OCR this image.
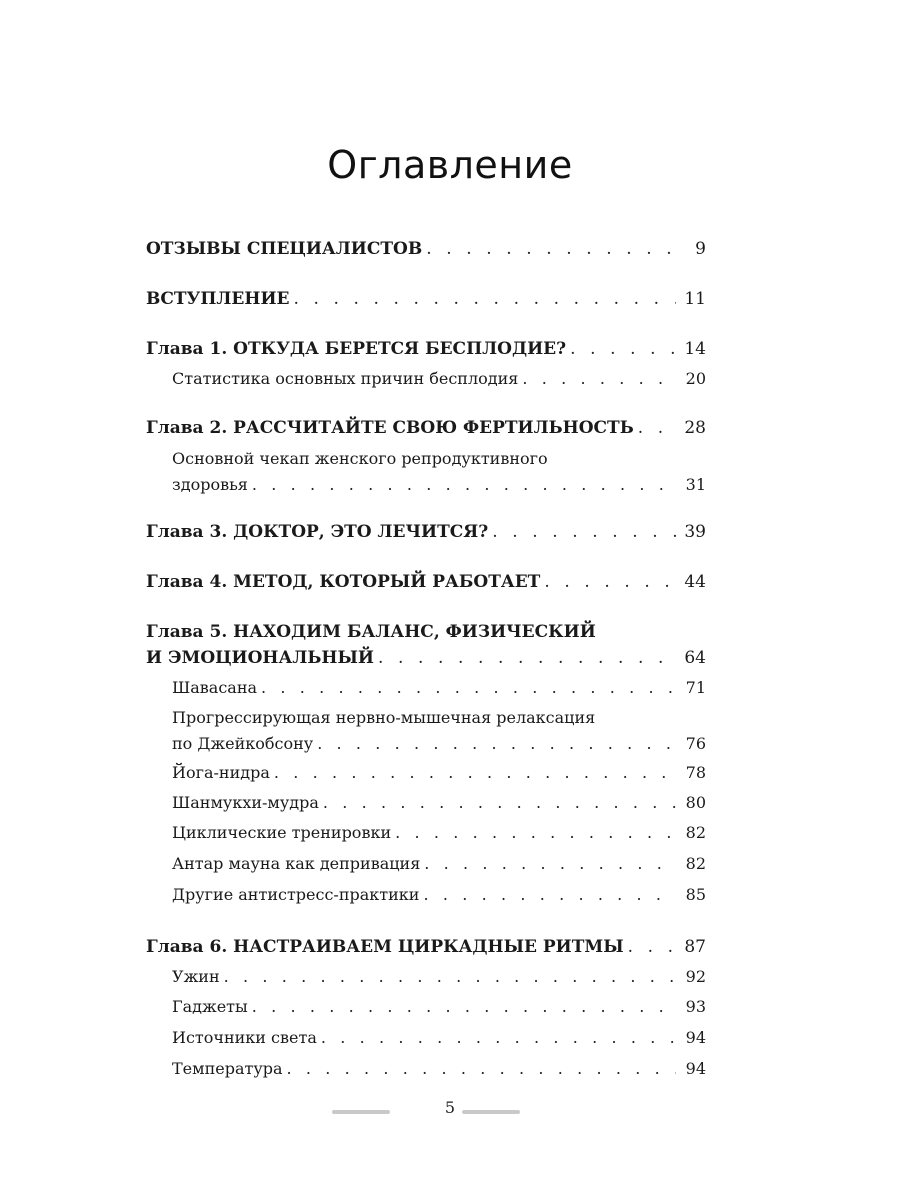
Оглавление
ОТЗЫВЫ СПЕЦИАЛИСТОВ . . .	9
ВСТУПЛЕНИЕ . . .	11
Глава 1. ОТКУДА БЕРЕТСЯ БЕСПЛОДИЕ? . . .	14
Статистика основных причин бесплодия . . .	20
Глава 2. РАССЧИТАЙТЕ СВОЮ ФЕРТИЛЬНОСТЬ . . .	28
Основной чекап женского репродуктивного
здоровья . . .	31
Глава 3. ДОКТОР, ЭТО ЛЕЧИТСЯ? . . .	39
Глава 4. МЕТОД, КОТОРЫЙ РАБОТАЕТ . . .	44
Глава 5. НАХОДИМ БАЛАНС, ФИЗИЧЕСКИЙ
И ЭМОЦИОНАЛЬНЫЙ . . .	64
Шавасана . . .	71
Прогрессирующая нервно-мышечная релаксация
по Джейкобсону . . .	76
Йога-нидра . . .	78
Шанмукхи-мудра . . .	80
Циклические тренировки . . .	82
Антар мауна как депривация . . .	82
Другие антистресс-практики . . .	85
Глава 6. НАСТРАИВАЕМ ЦИРКАДНЫЕ РИТМЫ . . .	87
Ужин . . .	92
Гаджеты . . .	93
Источники света . . .	94
Температура . . .	94
5
